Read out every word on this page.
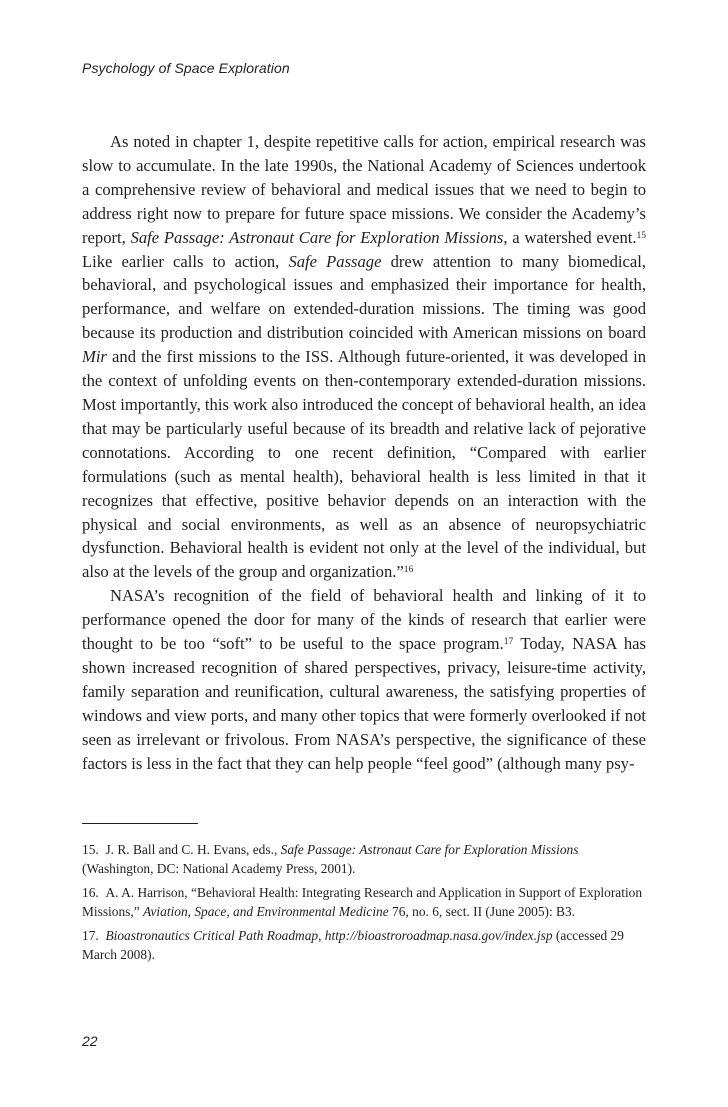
Psychology of Space Exploration

As noted in chapter 1, despite repetitive calls for action, empirical research was slow to accumulate. In the late 1990s, the National Academy of Sciences undertook a comprehensive review of behavioral and medical issues that we need to begin to address right now to prepare for future space missions. We consider the Academy’s report, Safe Passage: Astronaut Care for Exploration Missions, a watershed event.$^{15}$ Like earlier calls to action, Safe Passage drew attention to many biomedical, behavioral, and psychological issues and emphasized their importance for health, performance, and welfare on extended-duration missions. The timing was good because its production and distribution coincided with American missions on board Mir and the first missions to the ISS. Although future-oriented, it was developed in the context of unfolding events on then-contemporary extended-duration missions. Most importantly, this work also introduced the concept of behavioral health, an idea that may be particularly useful because of its breadth and relative lack of pejorative connotations. According to one recent definition, “Compared with earlier formulations (such as mental health), behavioral health is less limited in that it recognizes that effective, positive behavior depends on an interaction with the physical and social environments, as well as an absence of neuropsychiatric dysfunction. Behavioral health is evident not only at the level of the individual, but also at the levels of the group and organization.”$^{16}$

NASA’s recognition of the field of behavioral health and linking of it to performance opened the door for many of the kinds of research that earlier were thought to be too “soft” to be useful to the space program.$^{17}$ Today, NASA has shown increased recognition of shared perspectives, privacy, leisure-time activity, family separation and reunification, cultural awareness, the satisfying properties of windows and view ports, and many other topics that were formerly overlooked if not seen as irrelevant or frivolous. From NASA’s perspective, the significance of these factors is less in the fact that they can help people “feel good” (although many psy-

15. J. R. Ball and C. H. Evans, eds., Safe Passage: Astronaut Care for Exploration Missions (Washington, DC: National Academy Press, 2001).
16. A. A. Harrison, “Behavioral Health: Integrating Research and Application in Support of Exploration Missions,” Aviation, Space, and Environmental Medicine 76, no. 6, sect. II (June 2005): B3.
17. Bioastronautics Critical Path Roadmap, http://bioastroroadmap.nasa.gov/index.jsp (accessed 29 March 2008).
22
